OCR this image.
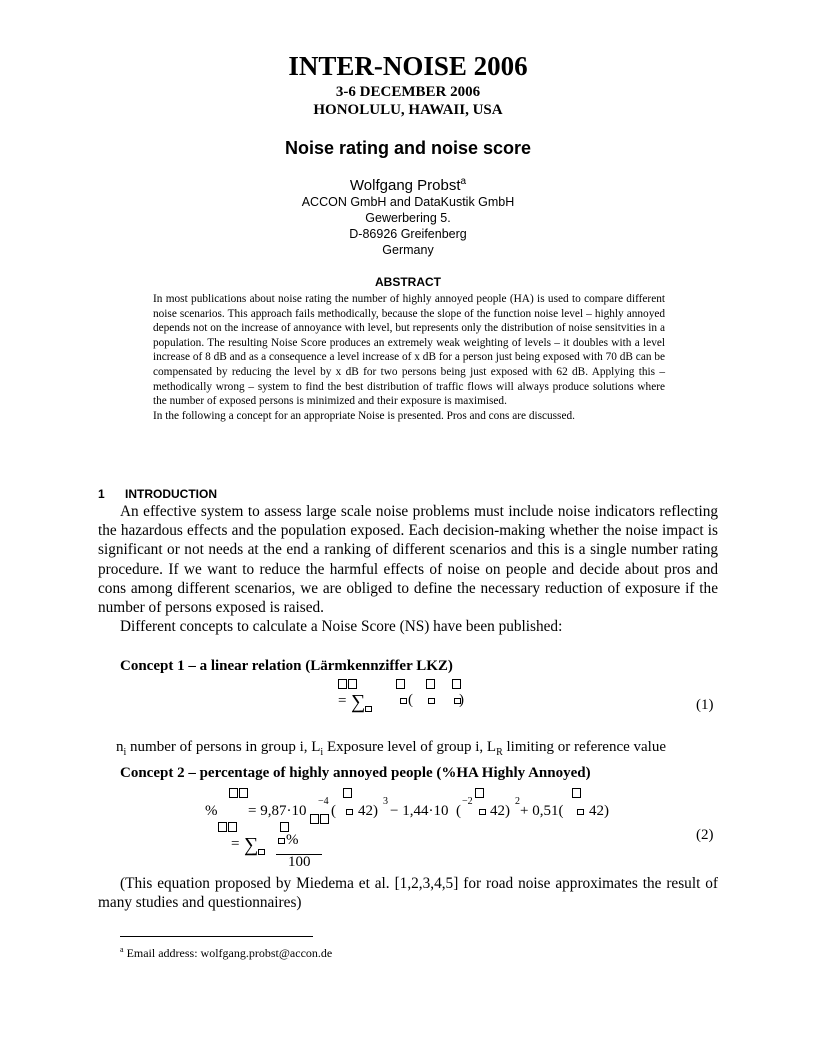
INTER-NOISE 2006
3-6 DECEMBER 2006
HONOLULU, HAWAII, USA
Noise rating and noise score
Wolfgang Probst$^a$
ACCON GmbH and DataKustik GmbH
Gewerbering 5.
D-86926 Greifenberg
Germany
ABSTRACT

In most publications about noise rating the number of highly annoyed people (HA) is used to compare different noise scenarios. This approach fails methodically, because the slope of the function noise level – highly annoyed depends not on the increase of annoyance with level, but represents only the distribution of noise sensitvities in a population. The resulting Noise Score produces an extremely weak weighting of levels – it doubles with a level increase of 8 dB and as a consequence a level increase of x dB for a person just being exposed with 70 dB can be compensated by reducing the level by x dB for two persons being just exposed with 62 dB. Applying this – methodically wrong – system to find the best distribution of traffic flows will always produce solutions where the number of exposed persons is minimized and their exposure is maximised.

In the following a concept for an appropriate Noise is presented. Pros and cons are discussed.

1 INTRODUCTION

An effective system to assess large scale noise problems must include noise indicators reflecting the hazardous effects and the population exposed. Each decision-making whether the noise impact is significant or not needs at the end a ranking of different scenarios and this is a single number rating procedure. If we want to reduce the harmful effects of noise on people and decide about pros and cons among different scenarios, we are obliged to define the necessary reduction of exposure if the number of persons exposed is raised.

Different concepts to calculate a Noise Score (NS) have been published:

Concept 1 – a linear relation (Lärmkennziffer LKZ)
= ∑	(	)	(1)
$n_i$ number of persons in group i, $L_i$ Exposure level of group i, $L_R$ limiting or reference value
Concept 2 – percentage of highly annoyed people (%HA Highly Annoyed)
% = 9,87·10
−4
( 42)
3
− 1,44·10
−2
( 42)
2
+ 0,51( 42)
= ∑ %
100
(2)

(This equation proposed by Miedema et al. [1,2,3,4,5] for road noise approximates the result of many studies and questionnaires)

$^a$ Email address: wolfgang.probst@accon.de
